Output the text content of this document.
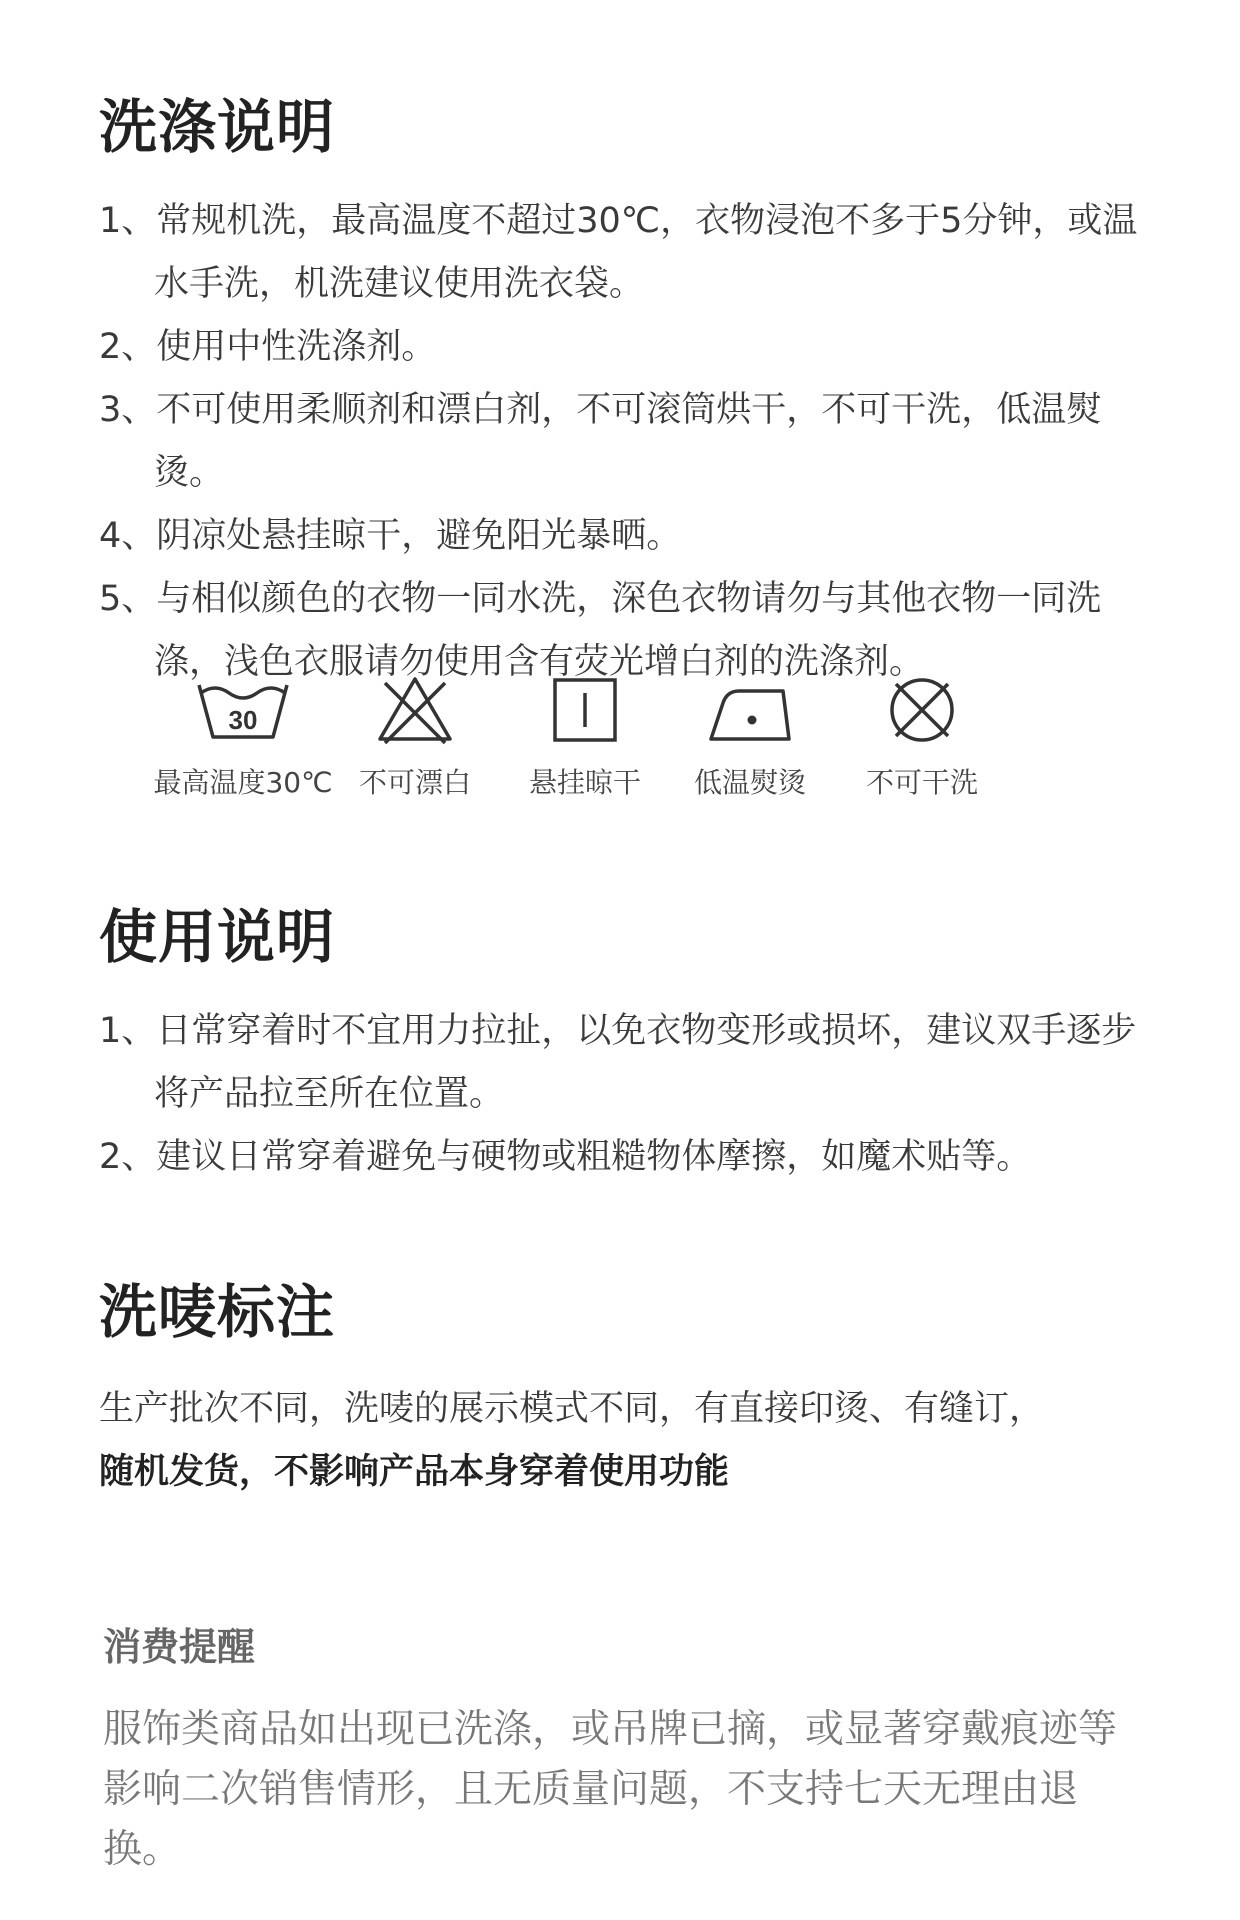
洗涤说明
1、常规机洗，最高温度不超过30℃，衣物浸泡不多于5分钟，或温水手洗，机洗建议使用洗衣袋。
2、使用中性洗涤剂。
3、不可使用柔顺剂和漂白剂，不可滚筒烘干，不可干洗，低温熨烫。
4、阴凉处悬挂晾干，避免阳光暴晒。
5、与相似颜色的衣物一同水洗，深色衣物请勿与其他衣物一同洗涤，浅色衣服请勿使用含有荧光增白剂的洗涤剂。
30
最高温度30℃ 不可漂白	悬挂晾干	低温熨烫	不可干洗
使用说明
1、日常穿着时不宜用力拉扯，以免衣物变形或损坏，建议双手逐步将产品拉至所在位置。
2、建议日常穿着避免与硬物或粗糙物体摩擦，如魔术贴等。
洗唛标注

生产批次不同，洗唛的展示模式不同，有直接印烫、有缝订，

随机发货，不影响产品本身穿着使用功能

消费提醒

服饰类商品如出现已洗涤，或吊牌已摘，或显著穿戴痕迹等影响二次销售情形，且无质量问题，不支持七天无理由退换。
